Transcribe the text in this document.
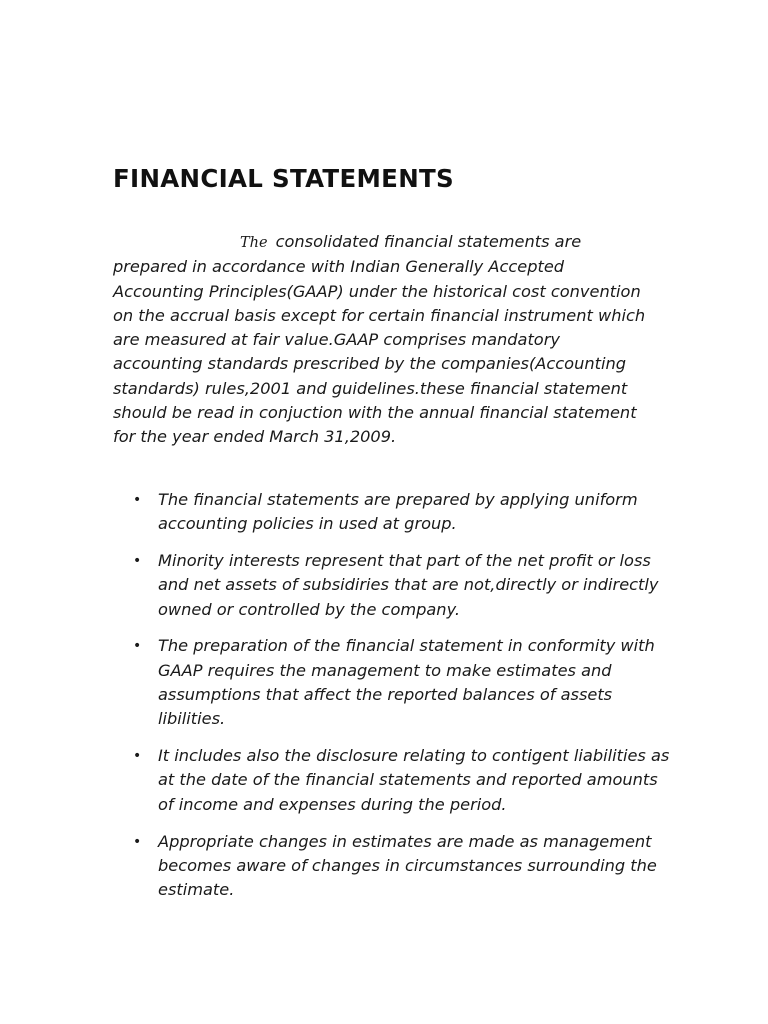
FINANCIAL STATEMENTS

The consolidated financial statements are prepared in accordance with Indian Generally Accepted Accounting Principles(GAAP) under the historical cost convention on the accrual basis except for certain financial instrument which are measured at fair value.GAAP comprises mandatory accounting standards prescribed by the companies(Accounting standards) rules,2001 and guidelines.these financial statement should be read in conjuction with the annual financial statement for the year ended March 31,2009.

• The financial statements are prepared by applying uniform accounting policies in used at group.
• Minority interests represent that part of the net profit or loss and net assets of subsidiries that are not,directly or indirectly owned or controlled by the company.
• The preparation of the financial statement in conformity with GAAP requires the management to make estimates and assumptions that affect the reported balances of assets libilities.
• It includes also the disclosure relating to contigent liabilities as at the date of the financial statements and reported amounts of income and expenses during the period.
• Appropriate changes in estimates are made as management becomes aware of changes in circumstances surrounding the estimate.
